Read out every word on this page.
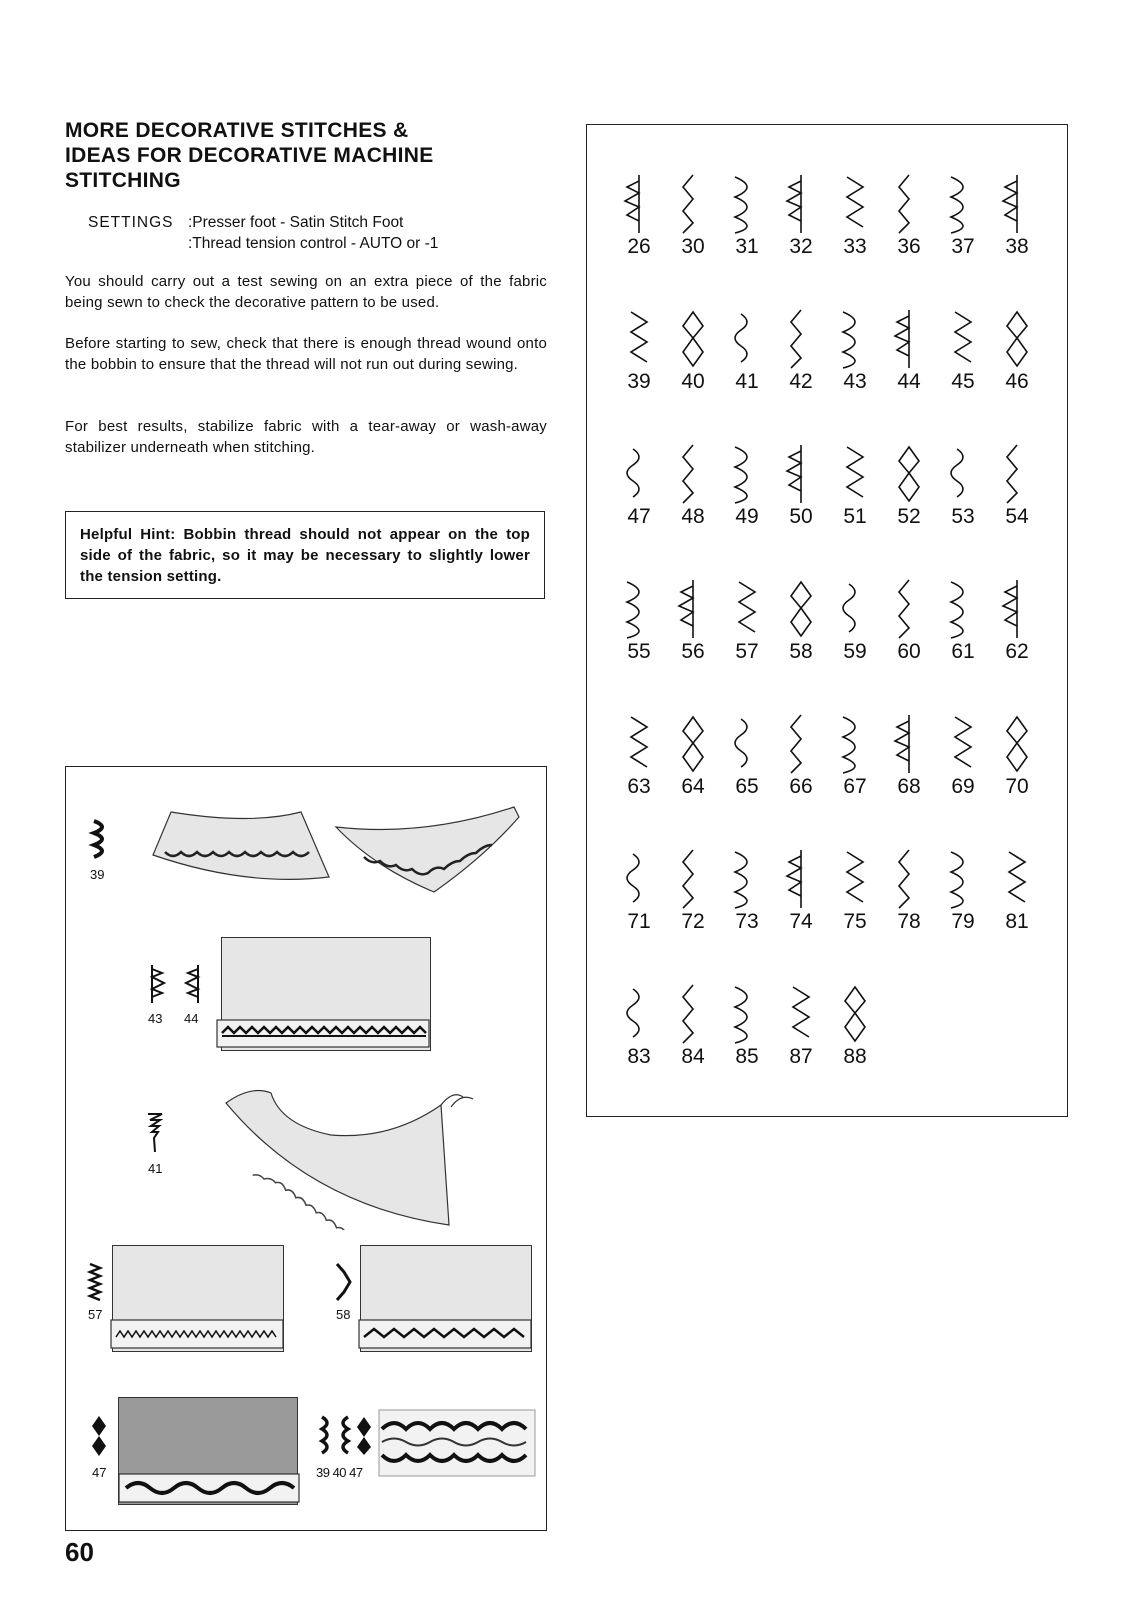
MORE DECORATIVE STITCHES &
IDEAS FOR DECORATIVE MACHINE
STITCHING
SETTINGS :Presser foot - Satin Stitch Foot
:Thread tension control - AUTO or -1
You should carry out a test sewing on an extra piece of the fabric being sewn to check the decorative pattern to be used.
Before starting to sew, check that there is enough thread wound onto the bobbin to ensure that the thread will not run out during sewing.
For best results, stabilize fabric with a tear-away or wash-away stabilizer underneath when stitching.
Helpful Hint: Bobbin thread should not appear on the top side of the fabric, so it may be necessary to slightly lower the tension setting.
26	30	31	32	33	36	37	38
39	40	41	42	43	44	45	46
47	48	49	50	51	52	53	54
55	56	57	58	59	60	61	62
63	64	65	66	67	68	69	70
71	72	73	74	75	78	79	81
83	84	85	87	88
39
43 44
41
57	58
47	39 40 47
60
